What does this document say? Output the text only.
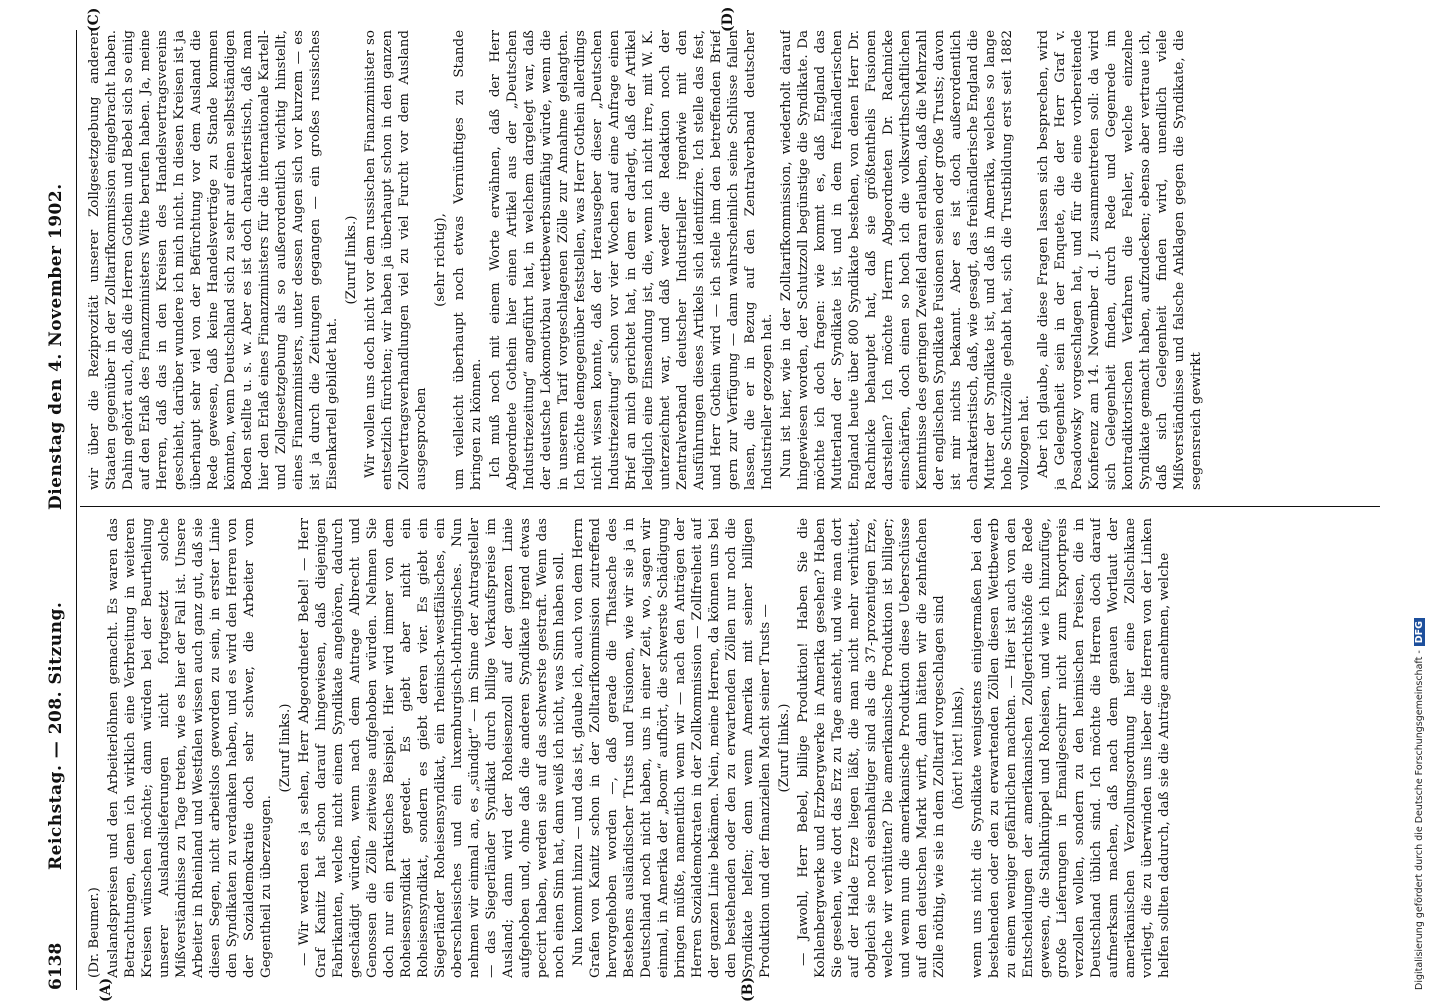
6138
Reichstag. — 208. Sitzung.
Dienstag den 4. November 1902.
(A)	(B)
(C)	(D)

(Dr. Beumer.) Auslandspreisen und den Arbeiterlöhnen gemacht. Es waren das Betrachtungen, denen ich wirklich eine Verbreitung in weiteren Kreisen wünschen möchte; dann würden bei der Beurtheilung unserer Auslandslieferungen nicht fortgesetzt solche Mißverständnisse zu Tage treten, wie es hier der Fall ist. Unsere Arbeiter in Rheinland und Westfalen wissen auch ganz gut, daß sie diesen Segen, nicht arbeitslos geworden zu sein, in erster Linie den Syndikaten zu verdanken haben, und es wird den Herren von der Sozialdemokratie doch sehr schwer, die Arbeiter vom Gegentheil zu überzeugen.

(Zuruf links.) — Wir werden es ja sehen, Herr Abgeordneter Bebel! — Herr Graf Kanitz hat schon darauf hingewiesen, daß diejenigen Fabrikanten, welche nicht einem Syndikate angehören, dadurch geschädigt würden, wenn nach dem Antrage Albrecht und Genossen die Zölle zeitweise aufgehoben würden. Nehmen Sie doch nur ein praktisches Beispiel. Hier wird immer von dem Roheisensyndikat geredet. Es giebt aber nicht ein Roheisensyndikat, sondern es giebt deren vier. Es giebt ein Siegerländer Roheisensyndikat, ein rheinisch-westfälisches, ein oberschlesisches und ein luxemburgisch-lothringisches. Nun nehmen wir einmal an, es „sündigt“ — im Sinne der Antragsteller — das Siegerländer Syndikat durch billige Verkaufspreise im Ausland; dann wird der Roheisenzoll auf der ganzen Linie aufgehoben und, ohne daß die anderen Syndikate irgend etwas peccirt haben, werden sie auf das schwerste gestraft. Wenn das noch einen Sinn hat, dann weiß ich nicht, was Sinn haben soll. Nun kommt hinzu — und das ist, glaube ich, auch von dem Herrn Grafen von Kanitz schon in der Zolltarifkommission zutreffend hervorgehoben worden —, daß gerade die Thatsache des Bestehens ausländischer Trusts und Fusionen, wie wir sie ja in Deutschland noch nicht haben, uns in einer Zeit, wo, sagen wir einmal, in Amerika der „Boom“ aufhört, die schwerste Schädigung bringen müßte, namentlich wenn wir — nach den Anträgen der Herren Sozialdemokraten in der Zollkommission — Zollfreiheit auf der ganzen Linie bekämen. Nein, meine Herren, da können uns bei den bestehenden oder den zu erwartenden Zöllen nur noch die Syndikate helfen; denn wenn Amerika mit seiner billigen Produktion und der finanziellen Macht seiner Trusts — (Zuruf links.) — Jawohl, Herr Bebel, billige Produktion! Haben Sie die Kohlenbergwerke und Erzbergwerke in Amerika gesehen? Haben Sie gesehen, wie dort das Erz zu Tage ansteht, und wie man dort auf der Halde Erze liegen läßt, die man nicht mehr verhüttet, obgleich sie noch eisenhaltiger sind als die 37-prozentigen Erze, welche wir verhütten? Die amerikanische Produktion ist billiger; und wenn nun die amerikanische Produktion diese Ueberschüsse auf den deutschen Markt wirft, dann hätten wir die zehnfachen Zölle nöthig, wie sie in dem Zolltarif vorgeschlagen sind (hört! hört! links), wenn uns nicht die Syndikate wenigstens einigermaßen bei den bestehenden oder den zu erwartenden Zöllen diesen Wettbewerb zu einem weniger gefährlichen machten. — Hier ist auch von den Entscheidungen der amerikanischen Zollgerichtshöfe die Rede gewesen, die Stahlknüppel und Roheisen, und wie ich hinzufüge, große Lieferungen in Emailgeschirr nicht zum Exportpreis verzollen wollen, sondern zu den heimischen Preisen, die in Deutschland üblich sind. Ich möchte die Herren doch darauf aufmerksam machen, daß nach dem genauen Wortlaut der amerikanischen Verzollungsordnung hier eine Zollschikane vorliegt, die zu überwinden uns lieber die Herren von der Linken helfen sollten dadurch, daß sie die Anträge annehmen, welche

wir über die Reziprozität unserer Zollgesetzgebung anderer Staaten gegenüber in der Zolltarifkommission eingebracht haben. Dahin gehört auch, daß die Herren Gothein und Bebel sich so einig auf den Erlaß des Finanzministers Witte berufen haben. Ja, meine Herren, daß das in den Kreisen des Handelsvertragsvereins geschieht, darüber wundere ich mich nicht. In diesen Kreisen ist ja überhaupt sehr viel von der Befürchtung vor dem Ausland die Rede gewesen, daß keine Handelsverträge zu Stande kommen könnten, wenn Deutschland sich zu sehr auf einen selbstständigen Boden stellte u. s. w. Aber es ist doch charakteristisch, daß man hier den Erlaß eines Finanzministers für die internationale Kartell- und Zollgesetzgebung als so außerordentlich wichtig hinstellt, eines Finanzministers, unter dessen Augen sich vor kurzem — es ist ja durch die Zeitungen gegangen — ein großes russisches Eisenkartell gebildet hat.

(Zuruf links.) Wir wollen uns doch nicht vor dem russischen Finanzminister so entsetzlich fürchten; wir haben ja überhaupt schon in den ganzen Zollvertragsverhandlungen viel zu viel Furcht vor dem Ausland ausgesprochen

(sehr richtig), um vielleicht überhaupt noch etwas Vernünftiges zu Stande bringen zu können. Ich muß noch mit einem Worte erwähnen, daß der Herr Abgeordnete Gothein hier einen Artikel aus der „Deutschen Industriezeitung“ angeführt hat, in welchem dargelegt war, daß der deutsche Lokomotivbau wettbewerbsunfähig würde, wenn die in unserem Tarif vorgeschlagenen Zölle zur Annahme gelangten. Ich möchte demgegenüber feststellen, was Herr Gothein allerdings nicht wissen konnte, daß der Herausgeber dieser „Deutschen Industriezeitung“ schon vor vier Wochen auf eine Anfrage einen Brief an mich gerichtet hat, in dem er darlegt, daß der Artikel lediglich eine Einsendung ist, die, wenn ich nicht irre, mit W. K. unterzeichnet war, und daß weder die Redaktion noch der Zentralverband deutscher Industrieller irgendwie mit den Ausführungen dieses Artikels sich identifizire. Ich stelle das fest, und Herr Gothein wird — ich stelle ihm den betreffenden Brief gern zur Verfügung — dann wahrscheinlich seine Schlüsse fallen lassen, die er in Bezug auf den Zentralverband deutscher Industrieller gezogen hat. Nun ist hier, wie in der Zolltarifkommission, wiederholt darauf hingewiesen worden, der Schutzzoll begünstige die Syndikate. Da möchte ich doch fragen: wie kommt es, daß England das Mutterland der Syndikate ist, und in dem freihändlerischen England heute über 800 Syndikate bestehen, von denen Herr Dr. Rachnicke behauptet hat, daß sie größtentheils Fusionen darstellen? Ich möchte Herrn Abgeordneten Dr. Rachnicke einschärfen, doch einen so hoch ich die volkswirthschaftlichen Kenntnisse des geringen Zweifel daran erlauben, daß die Mehrzahl der englischen Syndikate Fusionen seien oder große Trusts; davon ist mir nichts bekannt. Aber es ist doch außerordentlich charakteristisch, daß, wie gesagt, das freihändlerische England die Mutter der Syndikate ist, und daß in Amerika, welches so lange hohe Schutzzölle gehabt hat, sich die Trustbildung erst seit 1882 vollzogen hat. Aber ich glaube, alle diese Fragen lassen sich besprechen, wird ja Gelegenheit sein in der Enquete, die der Herr Graf v. Posadowsky vorgeschlagen hat, und für die eine vorbereitende Konferenz am 14. November d. J. zusammentreten soll: da wird sich Gelegenheit finden, durch Rede und Gegenrede im kontradiktorischen Verfahren die Fehler, welche einzelne Syndikate gemacht haben, aufzudecken; ebenso aber vertraue ich, daß sich Gelegenheit finden wird, unendlich viele Mißverständnisse und falsche Anklagen gegen die Syndikate, die segensreich gewirkt

Digitalisierung gefördert durch die Deutsche Forschungsgemeinschaft -DFG
